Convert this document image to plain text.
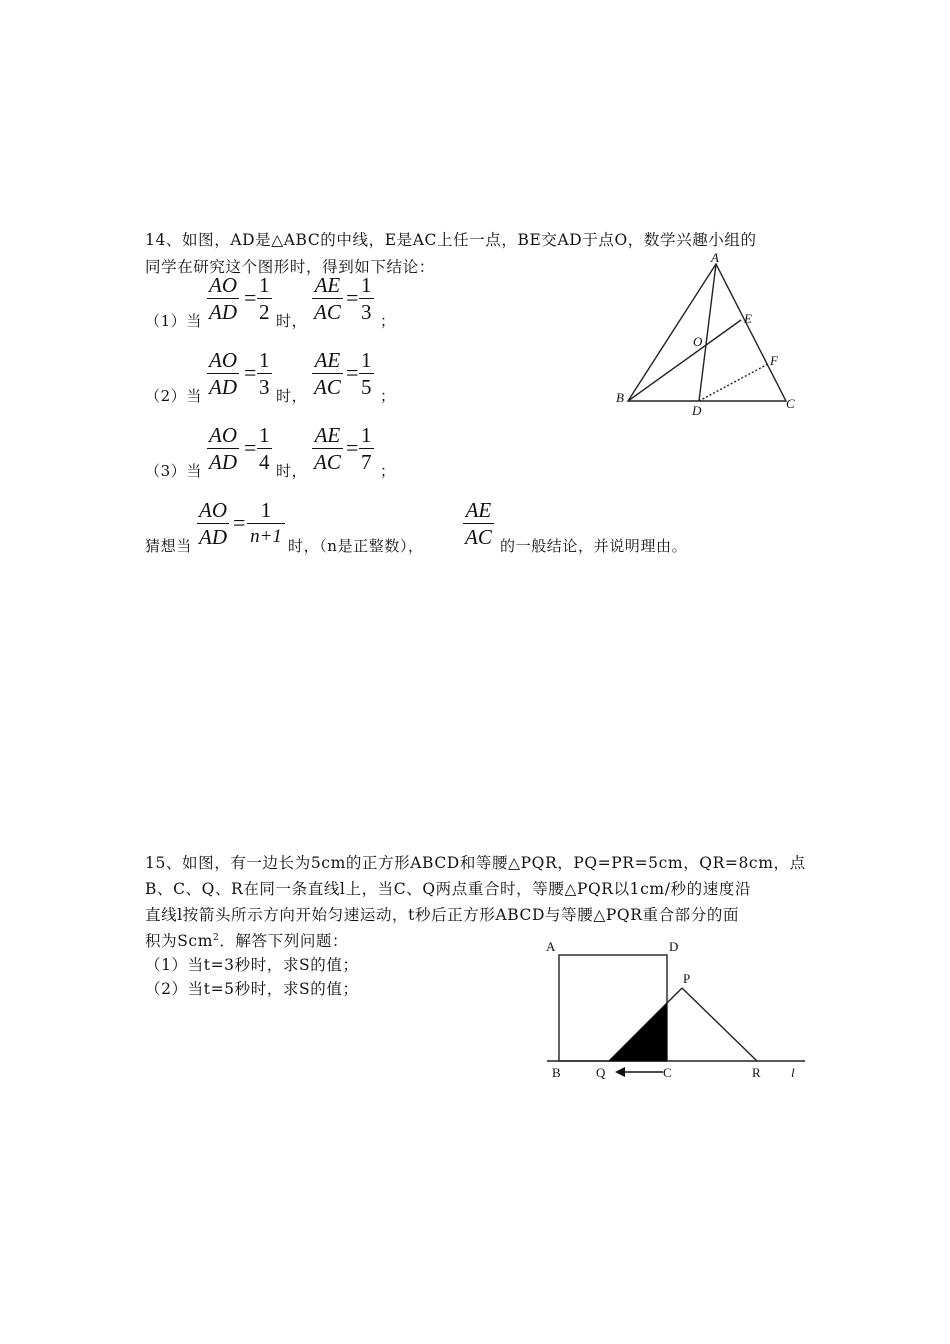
14、如图，AD是△ABC的中线，E是AC上任一点，BE交AD于点O，数学兴趣小组的
同学在研究这个图形时，得到如下结论：
（1）当
AO
AD
= 1
2 时，
AE
AC
= 1
3 ；
（2）当
AO
AD
= 1
3 时，
AE
AC
= 1
5 ；
（3）当
AO
AD
= 1
4 时，
AE
AC
= 1
7 ；
猜想当
AO
AD
= 1
n+1 时，（n是正整数），
AE
AC 的一般结论，并说明理由。
A
B	C
D
E
F
O
15、如图，有一边长为5cm的正方形ABCD和等腰△PQR，PQ=PR=5cm，QR=8cm，点
B、C、Q、R在同一条直线l上，当C、Q两点重合时，等腰△PQR以1cm/秒的速度沿
直线l按箭头所示方向开始匀速运动，t秒后正方形ABCD与等腰△PQR重合部分的面
积为Scm$^2$．解答下列问题：
（1）当t=3秒时，求S的值；
（2）当t=5秒时，求S的值；
A	D
P
B	Q	C	R l
